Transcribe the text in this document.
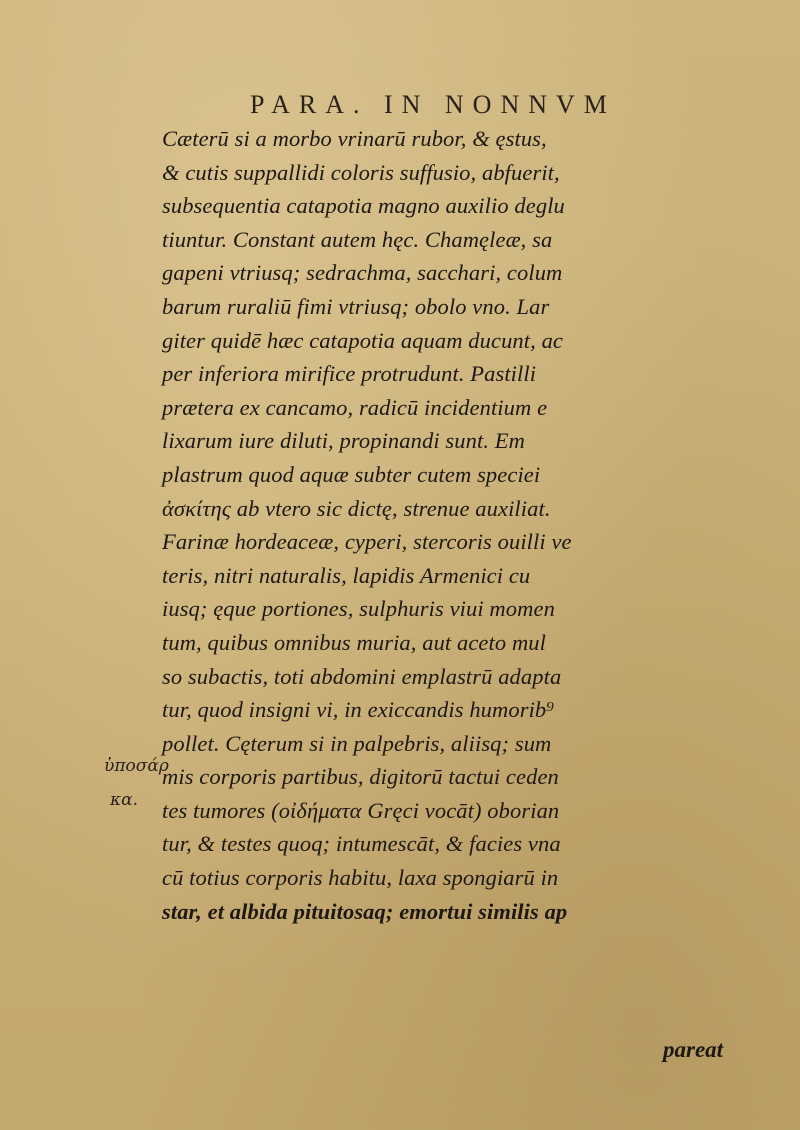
PARA. IN NONNVM
ὑποσάρ
κα.
Cæterū si a morbo vrinarū rubor, & ęstus,
& cutis suppallidi coloris suffusio, abfuerit,
subsequentia catapotia magno auxilio deglu
tiuntur. Constant autem hęc. Chamęleæ, sa
gapeni vtriusq; sedrachma, sacchari, colum
barum ruraliū fimi vtriusq; obolo vno. Lar
giter quidē hæc catapotia aquam ducunt, ac
per inferiora mirifice protrudunt. Pastilli
prætera ex cancamo, radicū incidentium e
lixarum iure diluti, propinandi sunt. Em
plastrum quod aquæ subter cutem speciei
ἀσκίτης ab vtero sic dictę, strenue auxiliat.
Farinæ hordeaceæ, cyperi, stercoris ouilli ve
teris, nitri naturalis, lapidis Armenici cu
iusq; ęque portiones, sulphuris viui momen
tum, quibus omnibus muria, aut aceto mul
so subactis, toti abdomini emplastrū adapta
tur, quod insigni vi, in exiccandis humorib⁹
pollet. Cęterum si in palpebris, aliisq; sum
mis corporis partibus, digitorū tactui ceden
tes tumores (οἰδήματα Gręci vocāt) oborian
tur, & testes quoq; intumescāt, & facies vna
cū totius corporis habitu, laxa spongiarū in
star, et albida pituitosaq; emortui similis ap
pareat
